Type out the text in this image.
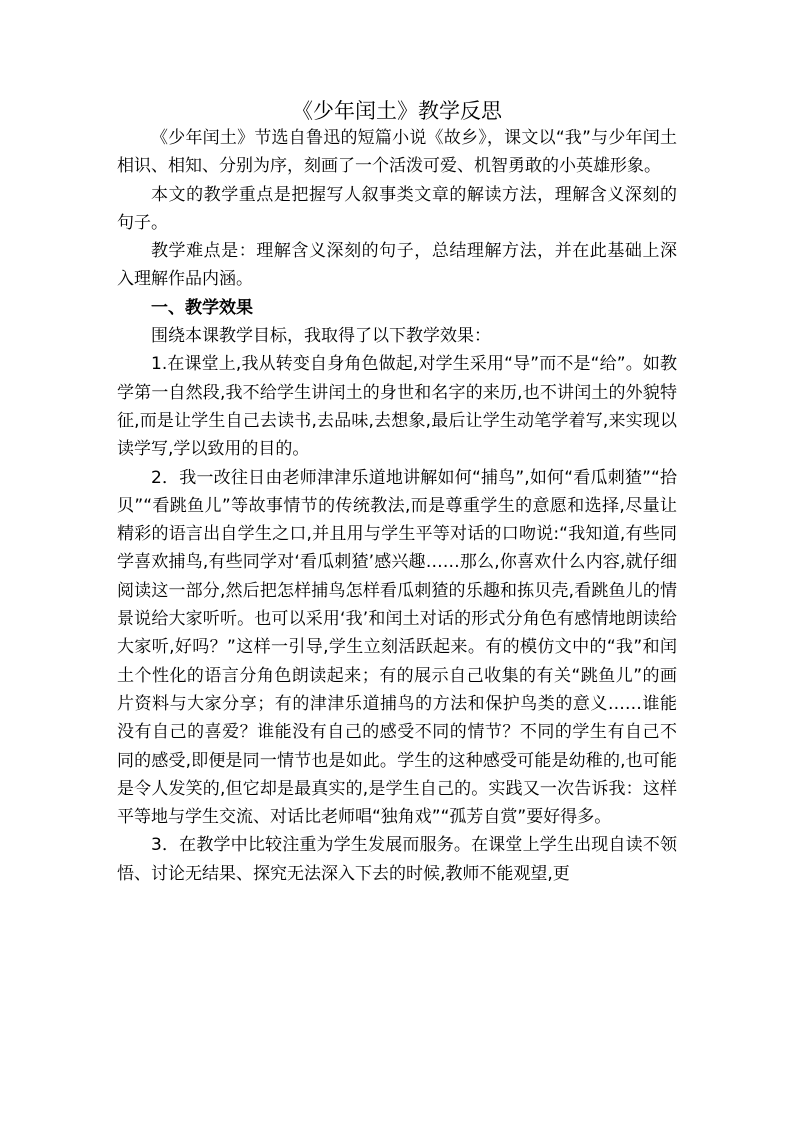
《少年闰土》教学反思

《少年闰土》节选自鲁迅的短篇小说《故乡》，课文以“我”与少年闰土相识、相知、分别为序，刻画了一个活泼可爱、机智勇敢的小英雄形象。

本文的教学重点是把握写人叙事类文章的解读方法，理解含义深刻的句子。

教学难点是：理解含义深刻的句子，总结理解方法，并在此基础上深入理解作品内涵。

一、教学效果

围绕本课教学目标，我取得了以下教学效果：

1.在课堂上,我从转变自身角色做起,对学生采用“导”而不是“给”。如教学第一自然段,我不给学生讲闰土的身世和名字的来历,也不讲闰土的外貌特征,而是让学生自己去读书,去品味,去想象,最后让学生动笔学着写,来实现以读学写,学以致用的目的。

2．我一改往日由老师津津乐道地讲解如何“捕鸟”,如何“看瓜刺猹”“拾贝”“看跳鱼儿”等故事情节的传统教法,而是尊重学生的意愿和选择,尽量让精彩的语言出自学生之口,并且用与学生平等对话的口吻说:“我知道,有些同学喜欢捕鸟,有些同学对‘看瓜刺猹’感兴趣……那么,你喜欢什么内容,就仔细阅读这一部分,然后把怎样捕鸟怎样看瓜刺猹的乐趣和拣贝壳,看跳鱼儿的情景说给大家听听。也可以采用‘我’和闰土对话的形式分角色有感情地朗读给大家听,好吗？”这样一引导,学生立刻活跃起来。有的模仿文中的“我”和闰土个性化的语言分角色朗读起来；有的展示自己收集的有关“跳鱼儿”的画片资料与大家分享；有的津津乐道捕鸟的方法和保护鸟类的意义……谁能没有自己的喜爱？谁能没有自己的感受不同的情节？不同的学生有自己不同的感受,即便是同一情节也是如此。学生的这种感受可能是幼稚的,也可能是令人发笑的,但它却是最真实的,是学生自己的。实践又一次告诉我：这样平等地与学生交流、对话比老师唱“独角戏”“孤芳自赏”要好得多。

3．在教学中比较注重为学生发展而服务。在课堂上学生出现自读不领悟、讨论无结果、探究无法深入下去的时候,教师不能观望,更
